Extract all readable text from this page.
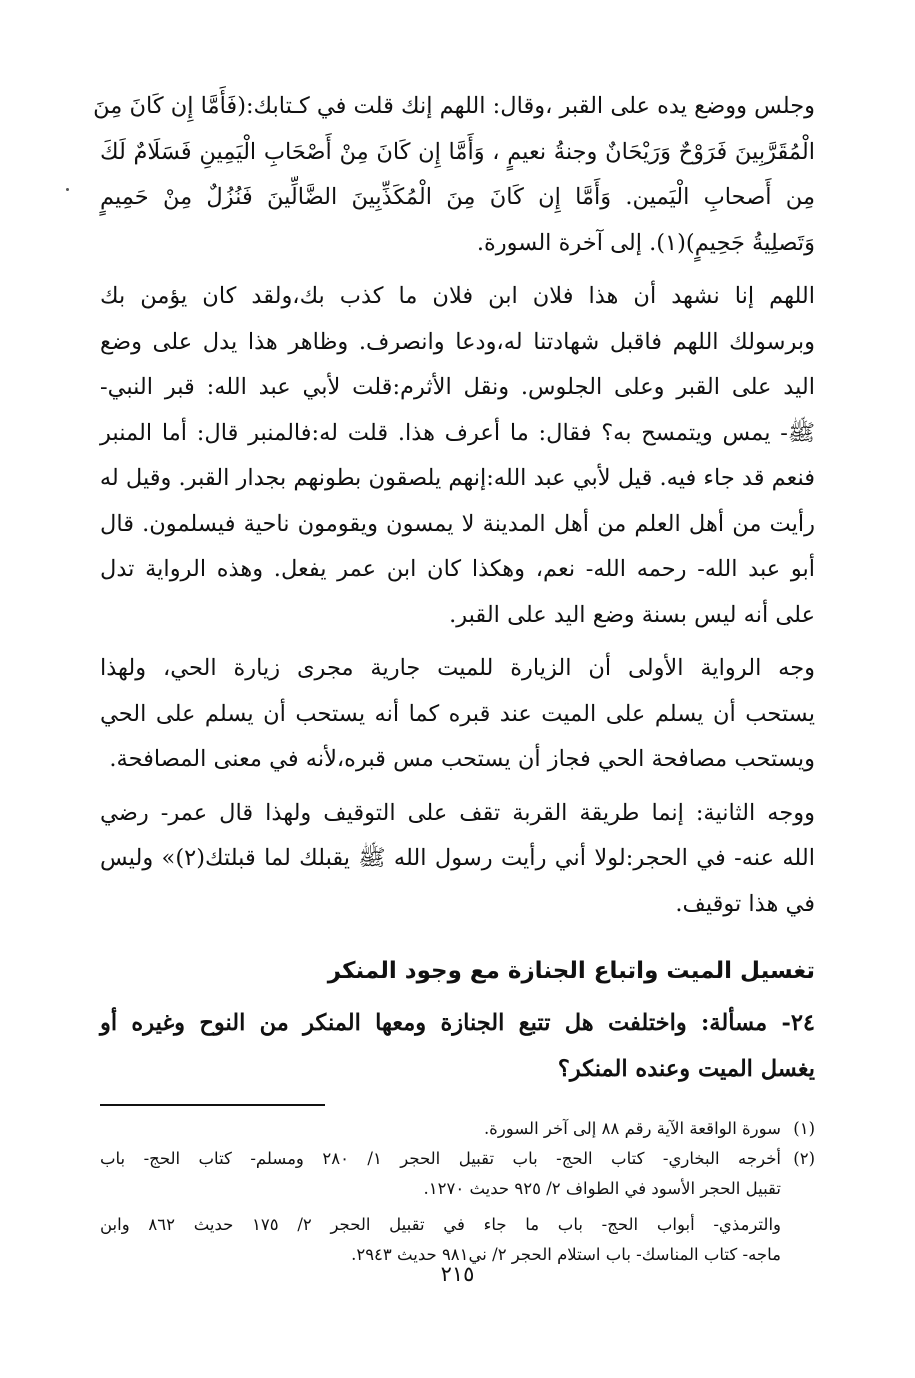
وجلس ووضع يده على القبر ،وقال: اللهم إنك قلت في كـتابك:(فَأَمَّا إِن كَانَ مِنَ
الْمُقَرَّبِينَ فَرَوْحٌ وَرَيْحَانٌ وجنةُ نعيمٍ ، وَأَمَّا إِن كَانَ مِنْ أَصْحَابِ الْيَمِينِ فَسَلَامٌ لَكَ
مِن أَصحابِ الْيَمين. وَأَمَّا إِن كَانَ مِنَ الْمُكَذِّبِينَ الضَّالِّينَ فَنُزُلٌ مِنْ حَمِيمٍ
وَتَصلِيةُ جَحِيمٍ)(١). إلى آخرة السورة.
اللهم إنا نشهد أن هذا فلان ابن فلان ما كذب بك،ولقد كان يؤمن بك
وبرسولك اللهم فاقبل شهادتنا له،ودعا وانصرف. وظاهر هذا يدل على وضع
اليد على القبر وعلى الجلوس. ونقل الأثرم:قلت لأبي عبد الله: قبر النبي-
ﷺ- يمس ويتمسح به؟ فقال: ما أعرف هذا. قلت له:فالمنبر قال: أما المنبر
فنعم قد جاء فيه. قيل لأبي عبد الله:إنهم يلصقون بطونهم بجدار القبر. وقيل له
رأيت من أهل العلم من أهل المدينة لا يمسون ويقومون ناحية فيسلمون. قال
أبو عبد الله- رحمه الله- نعم، وهكذا كان ابن عمر يفعل. وهذه الرواية تدل
على أنه ليس بسنة وضع اليد على القبر.
وجه الرواية الأولى أن الزيارة للميت جارية مجرى زيارة الحي، ولهذا
يستحب أن يسلم على الميت عند قبره كما أنه يستحب أن يسلم على الحي
ويستحب مصافحة الحي فجاز أن يستحب مس قبره،لأنه في معنى المصافحة.
ووجه الثانية: إنما طريقة القربة تقف على التوقيف ولهذا قال عمر- رضي
الله عنه- في الحجر:لولا أني رأيت رسول الله ﷺ يقبلك لما قبلتك(٢)» وليس
في هذا توقيف.
تغسيل الميت واتباع الجنازة مع وجود المنكر
٢٤- مسألة: واختلفت هل تتبع الجنازة ومعها المنكر من النوح وغيره أو
يغسل الميت وعنده المنكر؟
(١)
سورة الواقعة الآية رقم ٨٨ إلى آخر السورة.
(٢)
أخرجه البخاري- كتاب الحج- باب تقبيل الحجر ١/ ٢٨٠ ومسلم- كتاب الحج- باب
تقبيل الحجر الأسود في الطواف ٢/ ٩٢٥ حديث ١٢٧٠.
والترمذي- أبواب الحج- باب ما جاء في تقبيل الحجر ٢/ ١٧٥ حديث ٨٦٢ وابن
ماجه- كتاب المناسك- باب استلام الحجر ٢/ ني٩٨١ حديث ٢٩٤٣.
٢١٥
